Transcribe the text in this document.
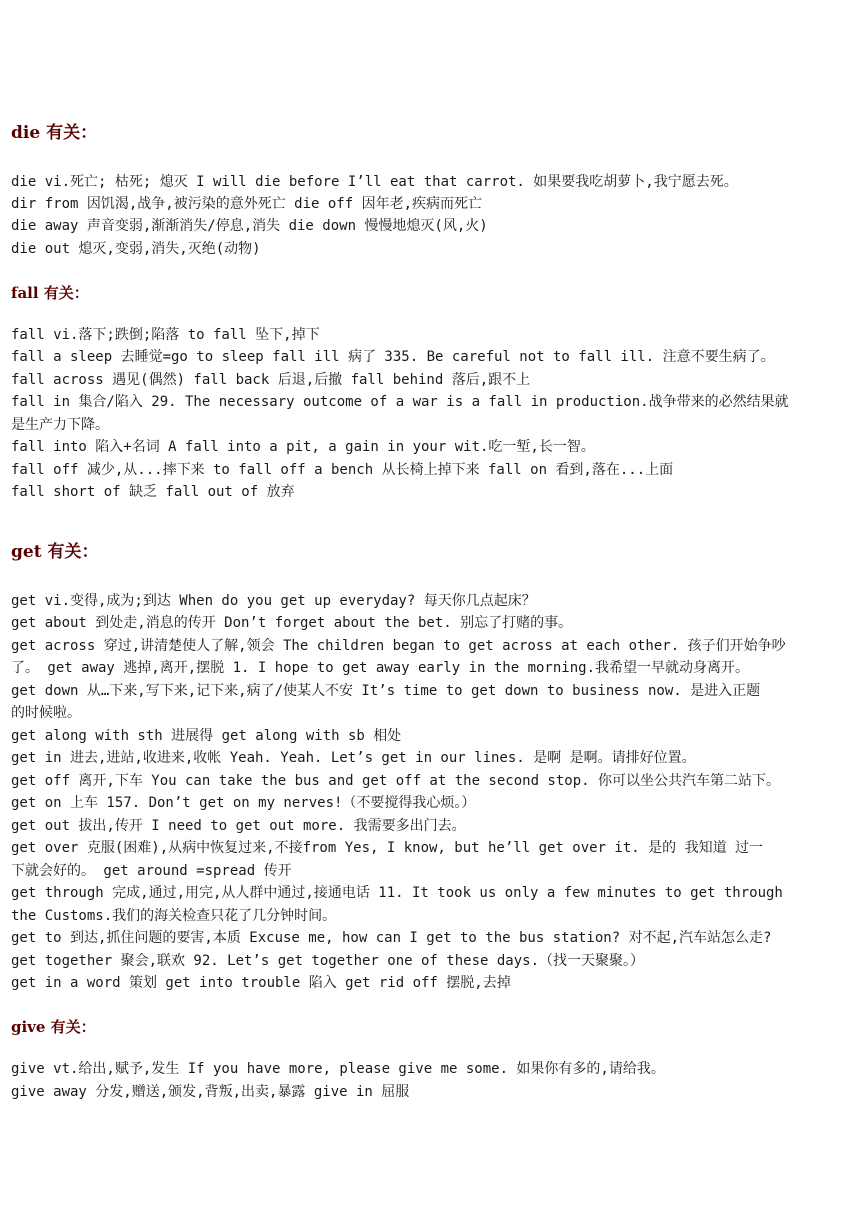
die 有关：
die vi.死亡; 枯死; 熄灭 I will die before I’ll eat that carrot. 如果要我吃胡萝卜,我宁愿去死。
dir from 因饥渴,战争,被污染的意外死亡 die off 因年老,疾病而死亡
die away 声音变弱,渐渐消失/停息,消失 die down 慢慢地熄灭(风,火)
die out 熄灭,变弱,消失,灭绝(动物)
fall 有关：
fall vi.落下;跌倒;陷落 to fall 坠下,掉下
fall a sleep 去睡觉=go to sleep fall ill 病了 335. Be careful not to fall ill. 注意不要生病了。
fall across 遇见(偶然) fall back 后退,后撤 fall behind 落后,跟不上
fall in 集合/陷入 29. The necessary outcome of a war is a fall in production.战争带来的必然结果就
是生产力下降。
fall into 陷入+名词 A fall into a pit, a gain in your wit.吃一堑,长一智。
fall off 减少,从...摔下来 to fall off a bench 从长椅上掉下来 fall on 看到,落在...上面
fall short of 缺乏 fall out of 放弃
get 有关：
get vi.变得,成为;到达 When do you get up everyday? 每天你几点起床？
get about 到处走,消息的传开 Don’t forget about the bet. 别忘了打赌的事。
get across 穿过,讲清楚使人了解,领会 The children began to get across at each other. 孩子们开始争吵
了。 get away 逃掉,离开,摆脱 1. I hope to get away early in the morning.我希望一早就动身离开。
get down 从…下来,写下来,记下来,病了/使某人不安 It’s time to get down to business now. 是进入正题
的时候啦。
get along with sth 进展得 get along with sb 相处
get in 进去,进站,收进来,收帐 Yeah. Yeah. Let’s get in our lines. 是啊 是啊。请排好位置。
get off 离开,下车 You can take the bus and get off at the second stop. 你可以坐公共汽车第二站下。
get on 上车 157. Don’t get on my nerves!（不要搅得我心烦。）
get out 拔出,传开 I need to get out more. 我需要多出门去。
get over 克服(困难),从病中恢复过来,不接from Yes, I know, but he’ll get over it. 是的 我知道 过一
下就会好的。 get around =spread 传开
get through 完成,通过,用完,从人群中通过,接通电话 11. It took us only a few minutes to get through
the Customs.我们的海关检查只花了几分钟时间。
get to 到达,抓住问题的要害,本质 Excuse me, how can I get to the bus station? 对不起,汽车站怎么走?
get together 聚会,联欢 92. Let’s get together one of these days.（找一天聚聚。）
get in a word 策划 get into trouble 陷入 get rid off 摆脱,去掉
give 有关：
give vt.给出,赋予,发生 If you have more, please give me some. 如果你有多的,请给我。
give away 分发,赠送,颁发,背叛,出卖,暴露 give in 屈服
